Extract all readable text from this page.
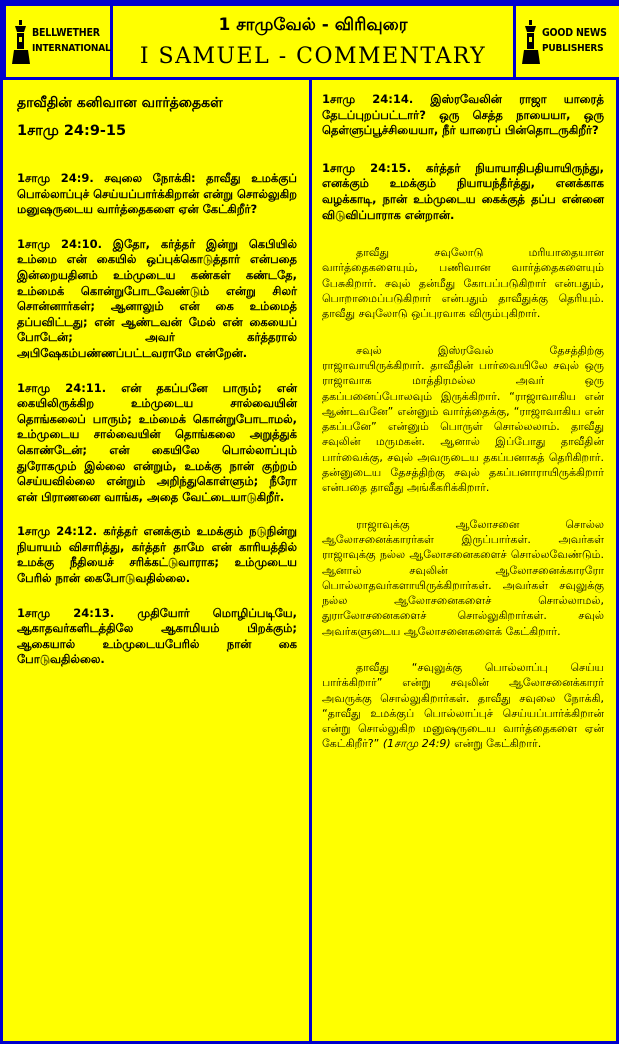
BELLWETHER
INTERNATIONAL
1 சாமுவேல் - விரிவுரை
I SAMUEL - COMMENTARY
GOOD NEWS
PUBLISHERS
தாவீதின் கனிவான வார்த்தைகள்
1சாமு 24:9-15

1சாமு 24:9. சவுலை நோக்கி: தாவீது உமக்குப் பொல்லாப்புச் செய்யப்பார்க்கிறான் என்று சொல்லுகிற மனுஷருடைய வார்த்தைகளை ஏன் கேட்கிறீர்?

1சாமு 24:10. இதோ, கர்த்தர் இன்று கெபியில் உம்மை என் கையில் ஒப்புக்கொடுத்தார் என்பதை இன்றையதினம் உம்முடைய கண்கள் கண்டதே, உம்மைக் கொன்றுபோடவேண்டும் என்று சிலர் சொன்னார்கள்; ஆனாலும் என் கை உம்மைத் தப்பவிட்டது; என் ஆண்டவன் மேல் என் கையைப் போடேன்; அவர் கர்த்தரால் அபிஷேகம்பண்ணப்பட்டவராமே என்றேன்.

1சாமு 24:11. என் தகப்பனே பாரும்; என் கையிலிருக்கிற உம்முடைய சால்வையின் தொங்கலைப் பாரும்; உம்மைக் கொன்றுபோடாமல், உம்முடைய சால்வையின் தொங்கலை அறுத்துக் கொண்டேன்; என் கையிலே பொல்லாப்பும் துரோகமும் இல்லை என்றும், உமக்கு நான் குற்றம் செய்யவில்லை என்றும் அறிந்துகொள்ளும்; நீரோ என் பிராணனை வாங்க, அதை வேட்டையாடுகிறீர்.

1சாமு 24:12. கர்த்தர் எனக்கும் உமக்கும் நடுநின்று நியாயம் விசாரித்து, கர்த்தர் தாமே என் காரியத்தில் உமக்கு நீதியைச் சரிக்கட்டுவாராக; உம்முடைய பேரில் நான் கைபோடுவதில்லை.

1சாமு 24:13. முதியோர் மொழிப்படியே, ஆகாதவர்களிடத்திலே ஆகாமியம் பிறக்கும்; ஆகையால் உம்முடையபேரில் நான் கை போடுவதில்லை.

1சாமு 24:14. இஸ்ரவேலின் ராஜா யாரைத் தேடப்புறப்பட்டார்? ஒரு செத்த நாயையா, ஒரு தெள்ளுப்பூச்சியையா, நீர் யாரைப் பின்தொடருகிறீர்?

1சாமு 24:15. கர்த்தர் நியாயாதிபதியாயிருந்து, எனக்கும் உமக்கும் நியாயந்தீர்த்து, எனக்காக வழக்காடி, நான் உம்முடைய கைக்குத் தப்ப என்னை விடுவிப்பாராக என்றான்.

தாவீது சவுலோடு மரியாதையான வார்த்தைகளையும், பணிவான வார்த்தைகளையும் பேசுகிறார். சவுல் தன்மீது கோபப்படுகிறார் என்பதும், பொறாமைப்படுகிறார் என்பதும் தாவீதுக்கு தெரியும். தாவீது சவுலோடு ஒப்புரவாக விரும்புகிறார்.

சவுல் இஸ்ரவேல் தேசத்திற்கு ராஜாவாயிருக்கிறார். தாவீதின் பார்வையிலே சவுல் ஒரு ராஜாவாக மாத்திரமல்ல அவர் ஒரு தகப்பனைப்போலவும் இருக்கிறார். “ராஜாவாகிய என் ஆண்டவனே” என்னும் வார்த்தைக்கு, “ராஜாவாகிய என் தகப்பனே” என்னும் பொருள் சொல்லலாம். தாவீது சவுலின் மருமகன். ஆனால் இப்போது தாவீதின் பார்வைக்கு, சவுல் அவருடைய தகப்பனாகத் தெரிகிறார். தன்னுடைய தேசத்திற்கு சவுல் தகப்பனாராயிருக்கிறார் என்பதை தாவீது அங்கீகரிக்கிறார்.

ராஜாவுக்கு ஆலோசனை சொல்ல ஆலோசனைக்காரர்கள் இருப்பார்கள். அவர்கள் ராஜாவுக்கு நல்ல ஆலோசனைகளைச் சொல்லவேண்டும். ஆனால் சவுலின் ஆலோசனைக்காரரோ பொல்லாதவர்களாயிருக்கிறார்கள். அவர்கள் சவுலுக்கு நல்ல ஆலோசனைகளைச் சொல்லாமல், துராலோசனைகளைச் சொல்லுகிறார்கள். சவுல் அவர்களுடைய ஆலோசனைகளைக் கேட்கிறார்.

தாவீது “சவுலுக்கு பொல்லாப்பு செய்ய பார்க்கிறார்” என்று சவுலின் ஆலோசனைக்காரர் அவருக்கு சொல்லுகிறார்கள். தாவீது சவுலை நோக்கி, “தாவீது உமக்குப் பொல்லாப்புச் செய்யப்பார்க்கிறான் என்று சொல்லுகிற மனுஷருடைய வார்த்தைகளை ஏன் கேட்கிறீர்?” (1சாமு 24:9) என்று கேட்கிறார்.
